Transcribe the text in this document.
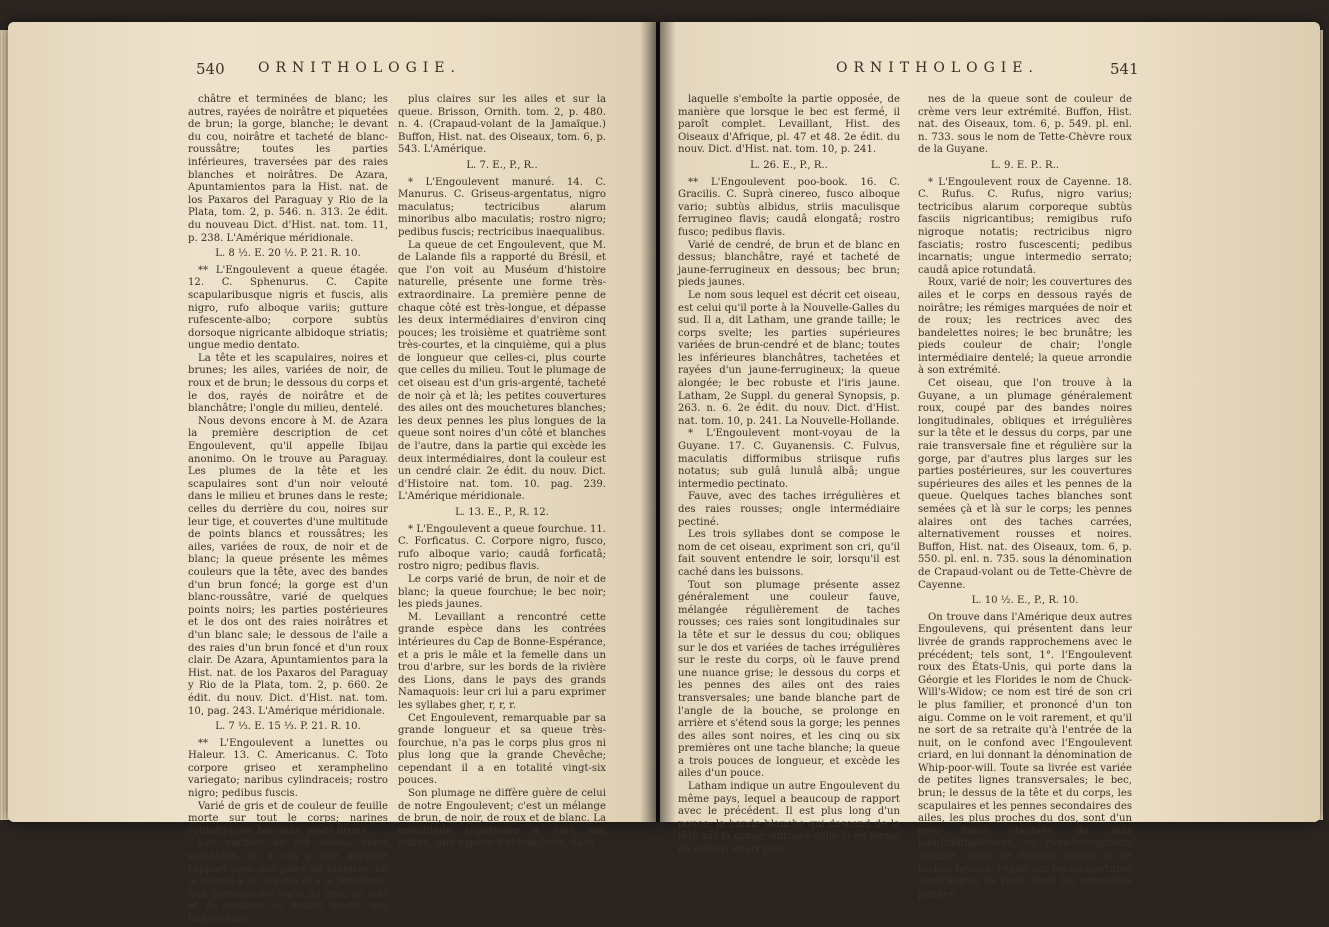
540 ORNITHOLOGIE.	541
ORNITHOLOGIE.

châtre et terminées de blanc; les autres, rayées de noirâtre et piquetées de brun; la gorge, blanche; le devant du cou, noirâtre et tacheté de blanc-roussâtre; toutes les parties inférieures, traversées par des raies blanches et noirâtres. De Azara, Apuntamientos para la Hist. nat. de los Paxaros del Paraguay y Rio de la Plata, tom. 2, p. 546. n. 313. 2e édit. du nouveau Dict. d'Hist. nat. tom. 11, p. 238. L'Amérique méridionale.

L. 8 ½. E. 20 ½. P. 21. R. 10.

** L'Engoulevent a queue étagée. 12. C. Sphenurus. C. Capite scapularibusque nigris et fuscis, alis nigro, rufo alboque variis; gutture rufescente-albo; corpore subtùs dorsoque nigricante albidoque striatis; ungue medio dentato.

La tête et les scapulaires, noires et brunes; les ailes, variées de noir, de roux et de brun; le dessous du corps et le dos, rayés de noirâtre et de blanchâtre; l'ongle du milieu, dentelé.

Nous devons encore à M. de Azara la première description de cet Engoulevent, qu'il appelle Ibijau anonimo. On le trouve au Paraguay. Les plumes de la tête et les scapulaires sont d'un noir velouté dans le milieu et brunes dans le reste; celles du derrière du cou, noires sur leur tige, et couvertes d'une multitude de points blancs et roussâtres; les ailes, variées de roux, de noir et de blanc; la queue présente les mêmes couleurs que la tête, avec des bandes d'un brun foncé; la gorge est d'un blanc-roussâtre, varié de quelques points noirs; les parties postérieures et le dos ont des raies noirâtres et d'un blanc sale; le dessous de l'aile a des raies d'un brun foncé et d'un roux clair. De Azara, Apuntamientos para la Hist. nat. de los Paxaros del Paraguay y Rio de la Plata, tom. 2, p. 660. 2e édit. du nouv. Dict. d'Hist. nat. tom. 10, pag. 243. L'Amérique méridionale.

L. 7 ⅓. E. 15 ⅓. P. 21. R. 10.

** L'Engoulevent a lunettes ou Haleur. 13. C. Americanus. C. Toto corpore griseo et xeramphelino variegato; naribus cylindraceis; rostro nigro; pedibus fuscis.

Varié de gris et de couleur de feuille morte sur tout le corps; narines cylindriques; bec noir; pieds bruns.

Les narines de cet oiseau étant saillantes, on a cru y voir quelque rapport avec une paire de lunettes: on le trouve à la Guyane et à la Jamaïque. Son plumage est varié de gris, de noir et de couleur de feuille morte; ces teintes sont

plus claires sur les ailes et sur la queue. Brisson, Ornith. tom. 2, p. 480. n. 4. (Crapaud-volant de la Jamaïque.) Buffon, Hist. nat. des Oiseaux, tom. 6, p. 543. L'Amérique.

L. 7. E., P., R..

* L'Engoulevent manuré. 14. C. Manurus. C. Griseus-argentatus, nigro maculatus; tectricibus alarum minoribus albo maculatis; rostro nigro; pedibus fuscis; rectricibus inaequalibus.

La queue de cet Engoulevent, que M. de Lalande fils a rapporté du Brésil, et que l'on voit au Muséum d'histoire naturelle, présente une forme très-extraordinaire. La première penne de chaque côté est très-longue, et dépasse les deux intermédiaires d'environ cinq pouces; les troisième et quatrième sont très-courtes, et la cinquième, qui a plus de longueur que celles-ci, plus courte que celles du milieu. Tout le plumage de cet oiseau est d'un gris-argenté, tacheté de noir çà et là; les petites couvertures des ailes ont des mouchetures blanches; les deux pennes les plus longues de la queue sont noires d'un côté et blanches de l'autre, dans la partie qui excède les deux intermédiaires, dont la couleur est un cendré clair. 2e édit. du nouv. Dict. d'Histoire nat. tom. 10. pag. 239. L'Amérique méridionale.

L. 13. E., P., R. 12.

* L'Engoulevent a queue fourchue. 11. C. Forficatus. C. Corpore nigro, fusco, rufo alboque vario; caudâ forficatâ; rostro nigro; pedibus flavis.

Le corps varié de brun, de noir et de blanc; la queue fourchue; le bec noir; les pieds jaunes.

M. Levaillant a rencontré cette grande espèce dans les contrées intérieures du Cap de Bonne-Espérance, et a pris le mâle et la femelle dans un trou d'arbre, sur les bords de la rivière des Lions, dans le pays des grands Namaquois: leur cri lui a paru exprimer les syllabes gher, r, r, r.

Cet Engoulevent, remarquable par sa grande longueur et sa queue très-fourchue, n'a pas le corps plus gros ni plus long que la grande Chevêche; cependant il a en totalité vingt-six pouces.

Son plumage ne diffère guère de celui de notre Engoulevent; c'est un mélange de brun, de noir, de roux et de blanc. La mandibule supérieure a, vers son milieu, une espèce d'échancrure, dans

laquelle s'emboîte la partie opposée, de manière que lorsque le bec est fermé, il paroît complet. Levaillant, Hist. des Oiseaux d'Afrique, pl. 47 et 48. 2e édit. du nouv. Dict. d'Hist. nat. tom. 10, p. 241.

L. 26. E., P., R..

** L'Engoulevent poo-book. 16. C. Gracilis. C. Suprà cinereo, fusco alboque vario; subtùs albidus, striis maculisque ferrugineo flavis; caudâ elongatâ; rostro fusco; pedibus flavis.

Varié de cendré, de brun et de blanc en dessus; blanchâtre, rayé et tacheté de jaune-ferrugineux en dessous; bec brun; pieds jaunes.

Le nom sous lequel est décrit cet oiseau, est celui qu'il porte à la Nouvelle-Galles du sud. Il a, dit Latham, une grande taille; le corps svelte; les parties supérieures variées de brun-cendré et de blanc; toutes les inférieures blanchâtres, tachetées et rayées d'un jaune-ferrugineux; la queue alongée; le bec robuste et l'iris jaune. Latham, 2e Suppl. du general Synopsis, p. 263. n. 6. 2e édit. du nouv. Dict. d'Hist. nat. tom. 10, p. 241. La Nouvelle-Hollande.

* L'Engoulevent mont-voyau de la Guyane. 17. C. Guyanensis. C. Fulvus, maculatis difformibus striisque rufis notatus; sub gulâ lunulâ albâ; ungue intermedio pectinato.

Fauve, avec des taches irrégulières et des raies rousses; ongle intermédiaire pectiné.

Les trois syllabes dont se compose le nom de cet oiseau, expriment son cri, qu'il fait souvent entendre le soir, lorsqu'il est caché dans les buissons.

Tout son plumage présente assez généralement une couleur fauve, mélangée régulièrement de taches rousses; ces raies sont longitudinales sur la tête et sur le dessus du cou; obliques sur le dos et variées de taches irrégulières sur le reste du corps, où le fauve prend une nuance grise; le dessous du corps et les pennes des ailes ont des raies transversales; une bande blanche part de l'angle de la bouche, se prolonge en arrière et s'étend sous la gorge; les pennes des ailes sont noires, et les cinq ou six premières ont une tache blanche; la queue a trois pouces de longueur, et excède les ailes d'un pouce.

Latham indique un autre Engoulevent du même pays, lequel a beaucoup de rapport avec le précédent. Il est plus long d'un pouce; la bande blanche qui descend de la tête sur la gorge, entoure celle-ci en forme de collier; et six pen-

nes de la queue sont de couleur de crème vers leur extrémité. Buffon, Hist. nat. des Oiseaux, tom. 6, p. 549. pl. enl. n. 733. sous le nom de Tette-Chèvre roux de la Guyane.

L. 9. E. P.. R..

* L'Engoulevent roux de Cayenne. 18. C. Rufus. C. Rufus, nigro varius; tectricibus alarum corporeque subtùs fasciis nigricantibus; remigibus rufo nigroque notatis; rectricibus nigro fasciatis; rostro fuscescenti; pedibus incarnatis; ungue intermedio serrato; caudâ apice rotundatâ.

Roux, varié de noir; les couvertures des ailes et le corps en dessous rayés de noirâtre; les rémiges marquées de noir et de roux; les rectrices avec des bandelettes noires; le bec brunâtre; les pieds couleur de chair; l'ongle intermédiaire dentelé; la queue arrondie à son extrémité.

Cet oiseau, que l'on trouve à la Guyane, a un plumage généralement roux, coupé par des bandes noires longitudinales, obliques et irrégulières sur la tête et le dessus du corps, par une raie transversale fine et régulière sur la gorge, par d'autres plus larges sur les parties postérieures, sur les couvertures supérieures des ailes et les pennes de la queue. Quelques taches blanches sont semées çà et là sur le corps; les pennes alaires ont des taches carrées, alternativement rousses et noires. Buffon, Hist. nat. des Oiseaux, tom. 6, p. 550. pl. enl. n. 735. sous la dénomination de Crapaud-volant ou de Tette-Chèvre de Cayenne.

L. 10 ½. E., P., R. 10.

On trouve dans l'Amérique deux autres Engoulevens, qui présentent dans leur livrée de grands rapprochemens avec le précédent; tels sont, 1°. l'Engoulevent roux des États-Unis, qui porte dans la Géorgie et les Florides le nom de Chuck-Will's-Widow; ce nom est tiré de son cri le plus familier, et prononcé d'un ton aigu. Comme on le voit rarement, et qu'il ne sort de sa retraite qu'à l'entrée de la nuit, on le confond avec l'Engoulevent criard, en lui donnant la dénomination de Whip-poor-will. Toute sa livrée est variée de petites lignes transversales; le bec, brun; le dessus de la tête et du corps, les scapulaires et les pennes secondaires des ailes, les plus proches du dos, sont d'un gris foncé, tacheté de noir longitudinalement; un roux-ferrugineux sombre, varié de bandes fyrées et de taches brunes, règne sur les couvertures supérieures de l'aile, dont les premières pennes
